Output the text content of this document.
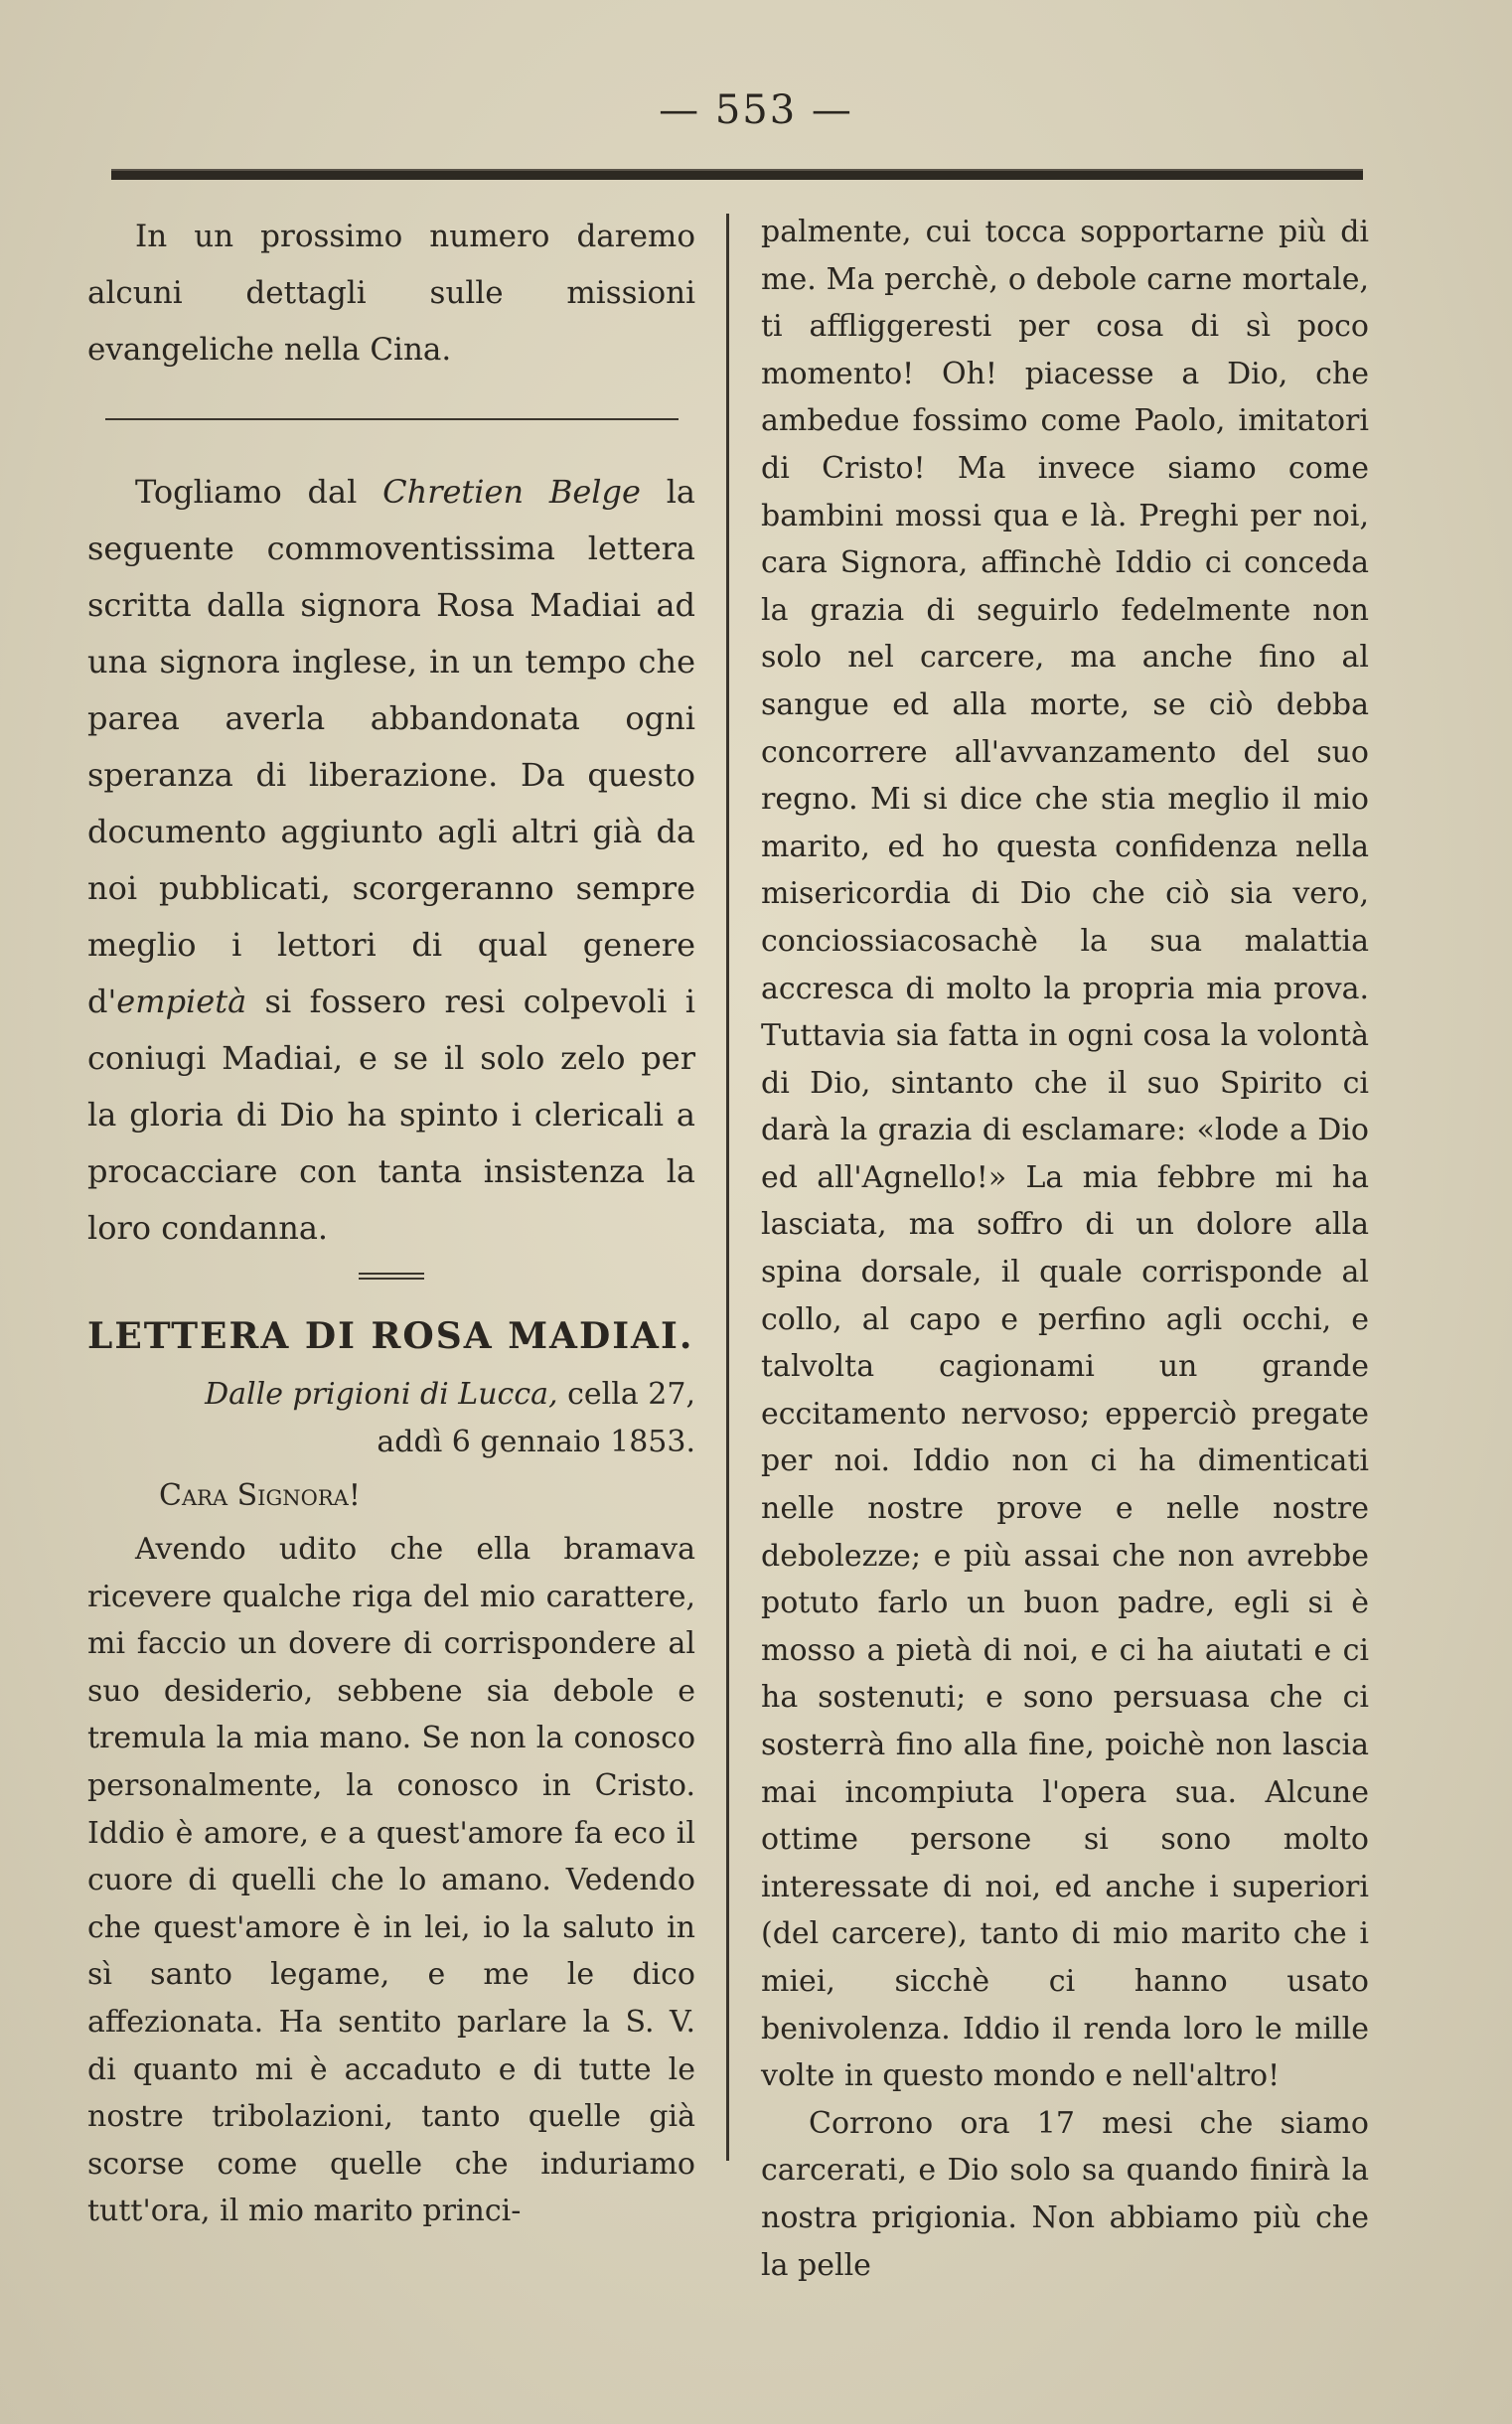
— 553 —

In un prossimo numero daremo alcuni dettagli sulle missioni evangeliche nella Cina.

Togliamo dal Chretien Belge la seguente commoventissima lettera scritta dalla signora Rosa Madiai ad una signora inglese, in un tempo che parea averla abbandonata ogni speranza di liberazione. Da questo documento aggiunto agli altri già da noi pubblicati, scorgeranno sempre meglio i lettori di qual genere d'empietà si fossero resi colpevoli i coniugi Madiai, e se il solo zelo per la gloria di Dio ha spinto i clericali a procacciare con tanta insistenza la loro condanna.

LETTERA DI ROSA MADIAI.

Dalle prigioni di Lucca, cella 27,
addì 6 gennaio 1853.

Cara Signora!

Avendo udito che ella bramava ricevere qualche riga del mio carattere, mi faccio un dovere di corrispondere al suo desiderio, sebbene sia debole e tremula la mia mano. Se non la conosco personalmente, la conosco in Cristo. Iddio è amore, e a quest'amore fa eco il cuore di quelli che lo amano. Vedendo che quest'amore è in lei, io la saluto in sì santo legame, e me le dico affezionata. Ha sentito parlare la S. V. di quanto mi è accaduto e di tutte le nostre tribolazioni, tanto quelle già scorse come quelle che induriamo tutt'ora, il mio marito princi-

palmente, cui tocca sopportarne più di me. Ma perchè, o debole carne mortale, ti affliggeresti per cosa di sì poco momento! Oh! piacesse a Dio, che ambedue fossimo come Paolo, imitatori di Cristo! Ma invece siamo come bambini mossi qua e là. Preghi per noi, cara Signora, affinchè Iddio ci conceda la grazia di seguirlo fedelmente non solo nel carcere, ma anche fino al sangue ed alla morte, se ciò debba concorrere all'avvanzamento del suo regno. Mi si dice che stia meglio il mio marito, ed ho questa confidenza nella misericordia di Dio che ciò sia vero, conciossiacosachè la sua malattia accresca di molto la propria mia prova. Tuttavia sia fatta in ogni cosa la volontà di Dio, sintanto che il suo Spirito ci darà la grazia di esclamare: «lode a Dio ed all'Agnello!» La mia febbre mi ha lasciata, ma soffro di un dolore alla spina dorsale, il quale corrisponde al collo, al capo e perfino agli occhi, e talvolta cagionami un grande eccitamento nervoso; epperciò pregate per noi. Iddio non ci ha dimenticati nelle nostre prove e nelle nostre debolezze; e più assai che non avrebbe potuto farlo un buon padre, egli si è mosso a pietà di noi, e ci ha aiutati e ci ha sostenuti; e sono persuasa che ci sosterrà fino alla fine, poichè non lascia mai incompiuta l'opera sua. Alcune ottime persone si sono molto interessate di noi, ed anche i superiori (del carcere), tanto di mio marito che i miei, sicchè ci hanno usato benivolenza. Iddio il renda loro le mille volte in questo mondo e nell'altro!

Corrono ora 17 mesi che siamo carcerati, e Dio solo sa quando finirà la nostra prigionia. Non abbiamo più che la pelle
